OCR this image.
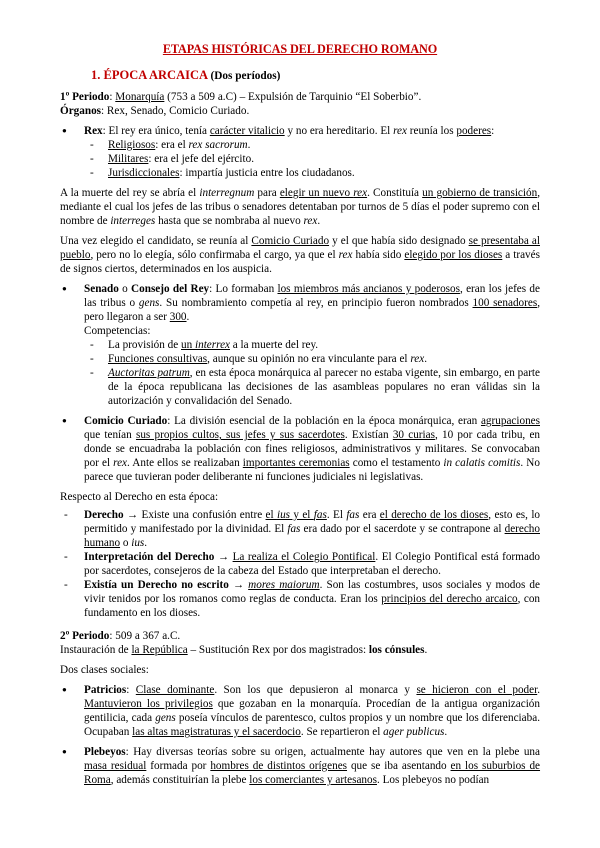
ETAPAS HISTÓRICAS DEL DERECHO ROMANO

1. ÉPOCA ARCAICA (Dos períodos)

1º Periodo: Monarquía (753 a 509 a.C) – Expulsión de Tarquinio “El Soberbio”.

Órganos: Rex, Senado, Comicio Curiado.

● Rex: El rey era único, tenía carácter vitalicio y no era hereditario. El rex reunía los poderes:

- Religiosos: era el rex sacrorum.

- Militares: era el jefe del ejército.

- Jurisdiccionales: impartía justicia entre los ciudadanos.

A la muerte del rey se abría el interregnum para elegir un nuevo rex. Constituía un gobierno de transición, mediante el cual los jefes de las tribus o senadores detentaban por turnos de 5 días el poder supremo con el nombre de interreges hasta que se nombraba al nuevo rex.

Una vez elegido el candidato, se reunía al Comicio Curiado y el que había sido designado se presentaba al pueblo, pero no lo elegía, sólo confirmaba el cargo, ya que el rex había sido elegido por los dioses a través de signos ciertos, determinados en los auspicia.

● Senado o Consejo del Rey: Lo formaban los miembros más ancianos y poderosos, eran los jefes de las tribus o gens. Su nombramiento competía al rey, en principio fueron nombrados 100 senadores, pero llegaron a ser 300.

Competencias:

- La provisión de un interrex a la muerte del rey.

- Funciones consultivas, aunque su opinión no era vinculante para el rex.

- Auctoritas patrum, en esta época monárquica al parecer no estaba vigente, sin embargo, en parte de la época republicana las decisiones de las asambleas populares no eran válidas sin la autorización y convalidación del Senado.

● Comicio Curiado: La división esencial de la población en la época monárquica, eran agrupaciones que tenían sus propios cultos, sus jefes y sus sacerdotes. Existían 30 curias, 10 por cada tribu, en donde se encuadraba la población con fines religiosos, administrativos y militares. Se convocaban por el rex. Ante ellos se realizaban importantes ceremonias como el testamento in calatis comitis. No parece que tuvieran poder deliberante ni funciones judiciales ni legislativas.

Respecto al Derecho en esta época:

- Derecho → Existe una confusión entre el ius y el fas. El fas era el derecho de los dioses, esto es, lo permitido y manifestado por la divinidad. El fas era dado por el sacerdote y se contrapone al derecho humano o ius.

- Interpretación del Derecho → La realiza el Colegio Pontifical. El Colegio Pontifical está formado por sacerdotes, consejeros de la cabeza del Estado que interpretaban el derecho.

- Existía un Derecho no escrito → mores maiorum. Son las costumbres, usos sociales y modos de vivir tenidos por los romanos como reglas de conducta. Eran los principios del derecho arcaico, con fundamento en los dioses.

2º Periodo: 509 a 367 a.C.

Instauración de la República – Sustitución Rex por dos magistrados: los cónsules.

Dos clases sociales:

● Patricios: Clase dominante. Son los que depusieron al monarca y se hicieron con el poder. Mantuvieron los privilegios que gozaban en la monarquía. Procedían de la antigua organización gentilicia, cada gens poseía vínculos de parentesco, cultos propios y un nombre que los diferenciaba. Ocupaban las altas magistraturas y el sacerdocio. Se repartieron el ager publicus.

● Plebeyos: Hay diversas teorías sobre su origen, actualmente hay autores que ven en la plebe una masa residual formada por hombres de distintos orígenes que se iba asentando en los suburbios de Roma, además constituirían la plebe los comerciantes y artesanos. Los plebeyos no podían
